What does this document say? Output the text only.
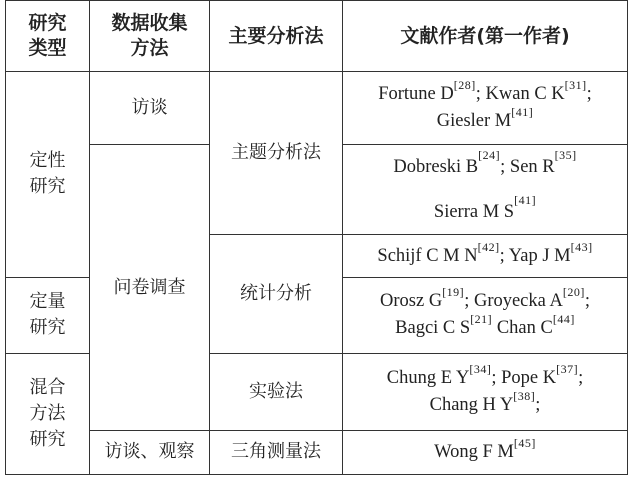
研究
类型	数据收集
方法	主要分析法	文献作者(第一作者)

定性
研究	访谈	主题分析法	Fortune D[28]; Kwan C K[31];
Giesler M[41]
	问卷调查		Dobreski B[24]; Sen R[35]
Sierra M S[41]
		统计分析	Schijf C M N[42]; Yap J M[43]

定量
研究			Orosz G[19]; Groyecka A[20];
Bagci C S[21] Chan C[44]

混合
方法
研究		实验法	Chung E Y[34]; Pope K[37];
Chang H Y[38];
	访谈、观察	三角测量法	Wong F M[45]
